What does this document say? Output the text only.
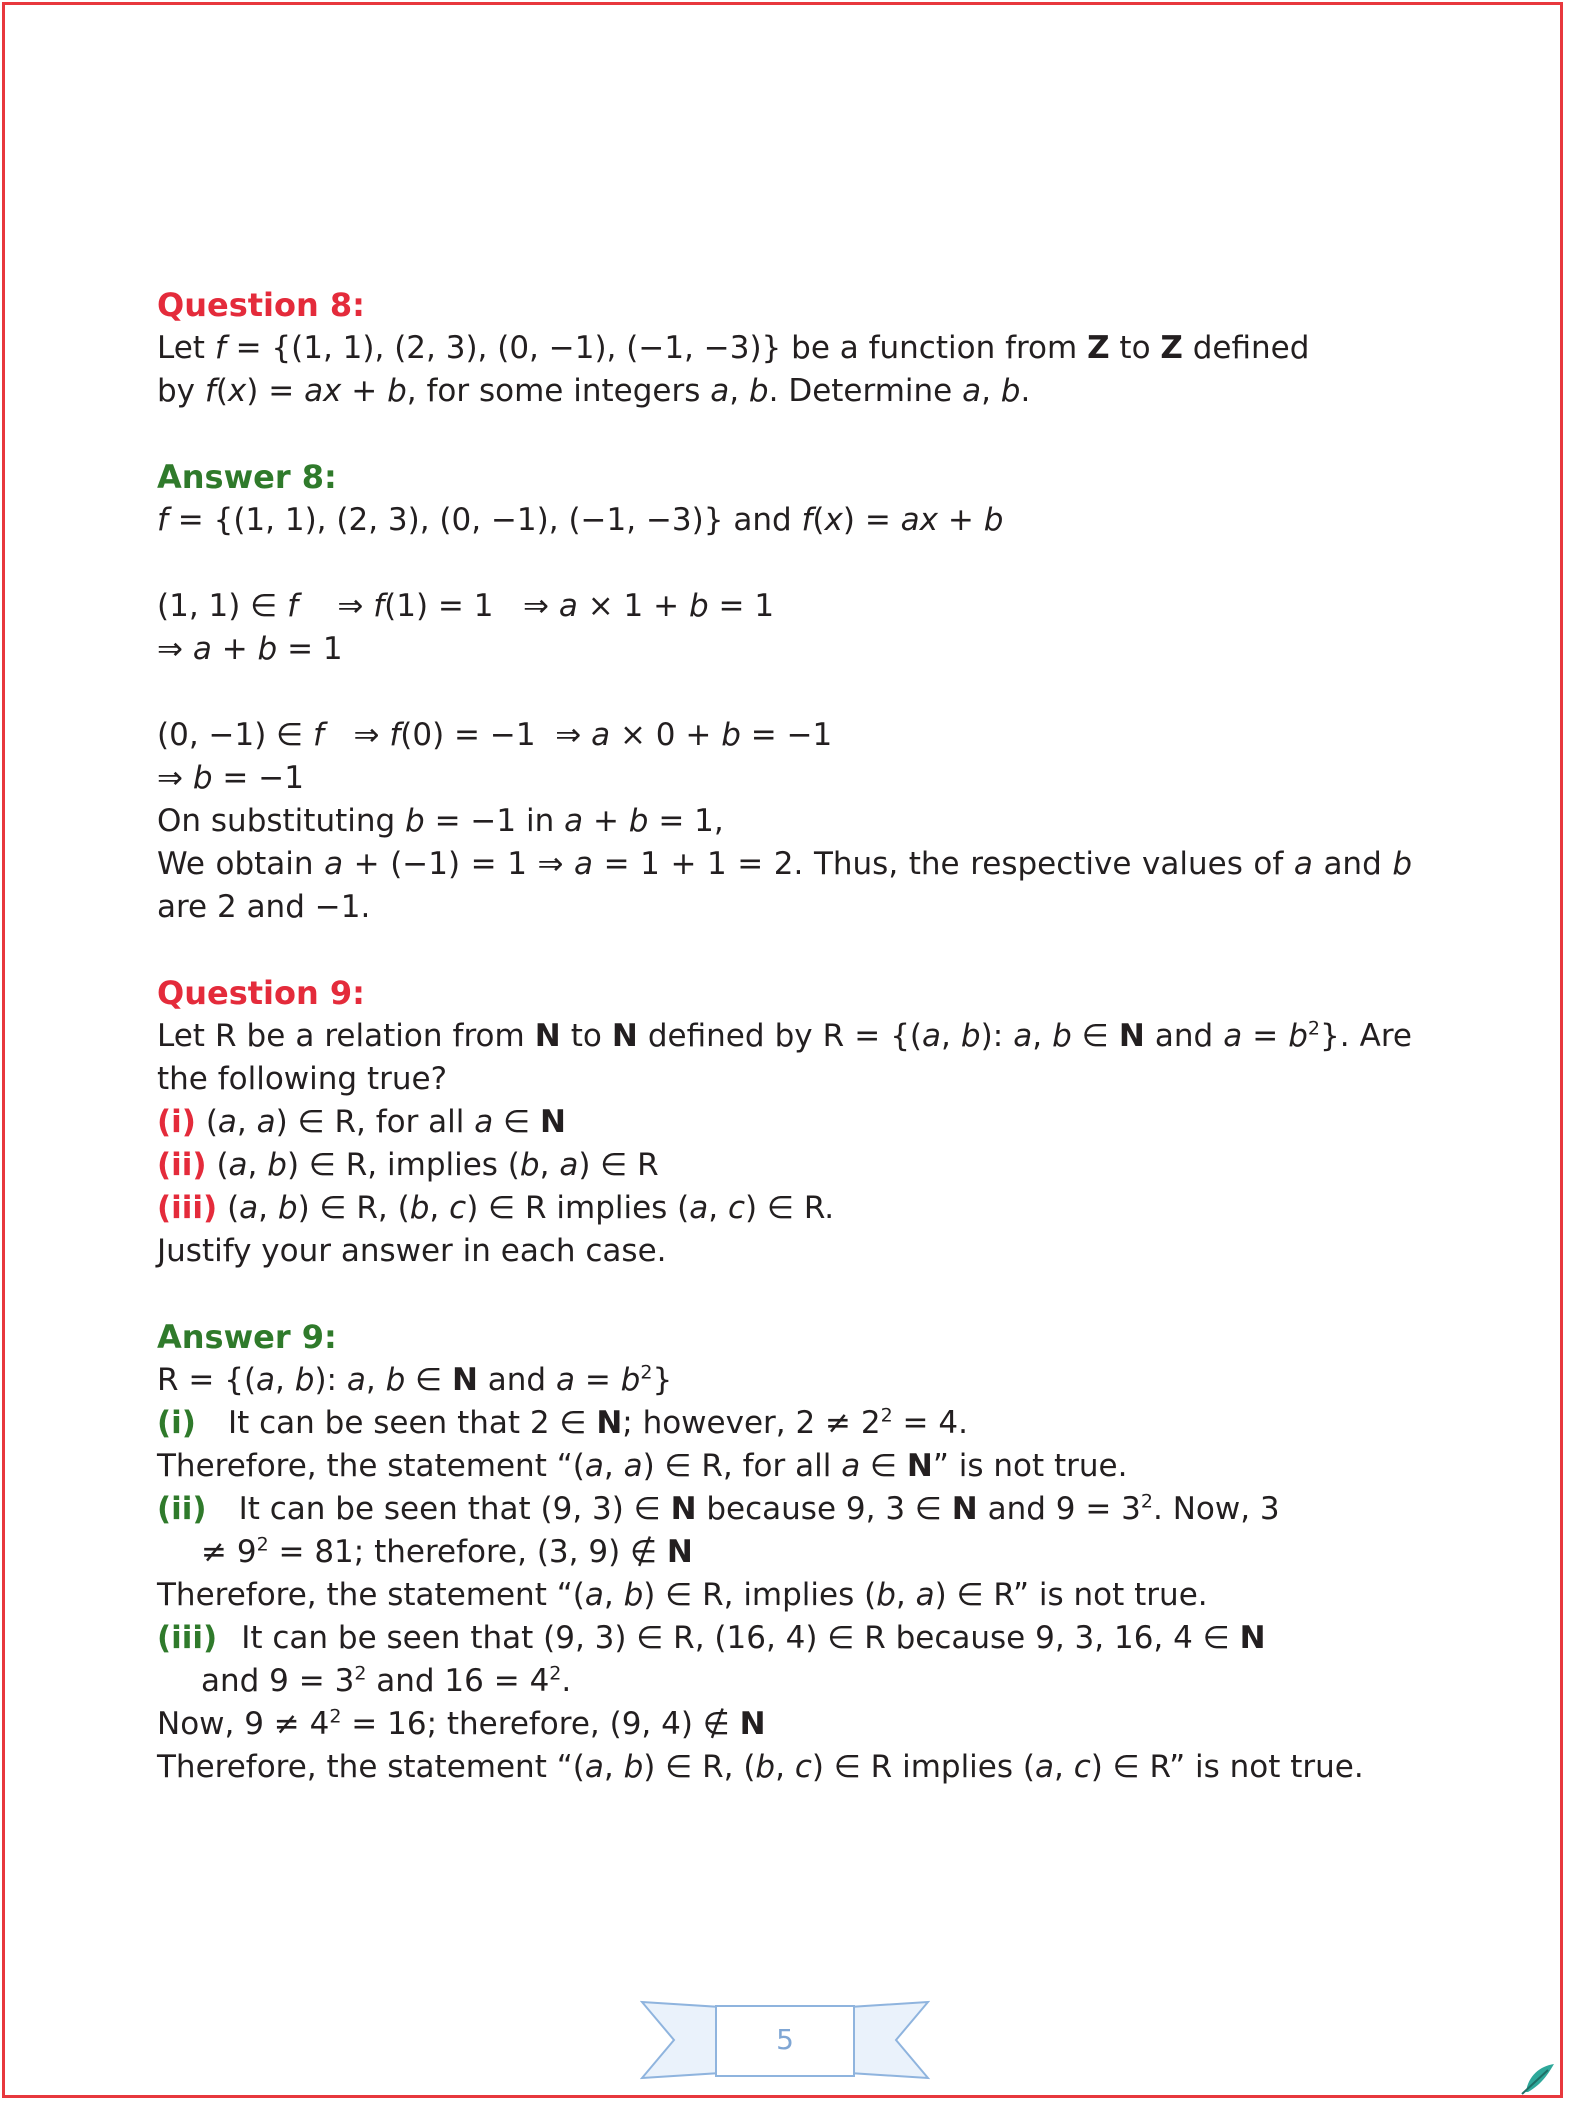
Question 8:
Let f = {(1, 1), (2, 3), (0, −1), (−1, −3)} be a function from Z to Z defined
by f(x) = ax + b, for some integers a, b. Determine a, b.
Answer 8:
f = {(1, 1), (2, 3), (0, −1), (−1, −3)} and f(x) = ax + b
(1, 1) ∈ f    ⇒ f(1) = 1   ⇒ a × 1 + b = 1
⇒ a + b = 1
(0, −1) ∈ f   ⇒ f(0) = −1  ⇒ a × 0 + b = −1
⇒ b = −1
On substituting b = −1 in a + b = 1,
We obtain a + (−1) = 1 ⇒ a = 1 + 1 = 2. Thus, the respective values of a and b are 2 and −1.
Question 9:
Let R be a relation from N to N defined by R = {(a, b): a, b ∈ N and $a = b^2$}. Are the following true?
(i) (a, a) ∈ R, for all a ∈ N
(ii) (a, b) ∈ R, implies (b, a) ∈ R
(iii) (a, b) ∈ R, (b, c) ∈ R implies (a, c) ∈ R.
Justify your answer in each case.
Answer 9:
R = {(a, b): a, b ∈ N and $a = b^2$}
(i) It can be seen that 2 ∈ N; however, $2 \ne 2^2 = 4$.
Therefore, the statement “(a, a) ∈ R, for all a ∈ N” is not true.
(ii) It can be seen that (9, 3) ∈ N because 9, 3 ∈ N and $9 = 3^2$. Now, 3
≠ $9^2 = 81$; therefore, (3, 9) ∉ N
Therefore, the statement “(a, b) ∈ R, implies (b, a) ∈ R” is not true.
(iii) It can be seen that (9, 3) ∈ R, (16, 4) ∈ R because 9, 3, 16, 4 ∈ N
and $9 = 3^2$ and $16 = 4^2$.
Now, $9 \ne 4^2 = 16$; therefore, (9, 4) ∉ N
Therefore, the statement “(a, b) ∈ R, (b, c) ∈ R implies (a, c) ∈ R” is not true.
5
